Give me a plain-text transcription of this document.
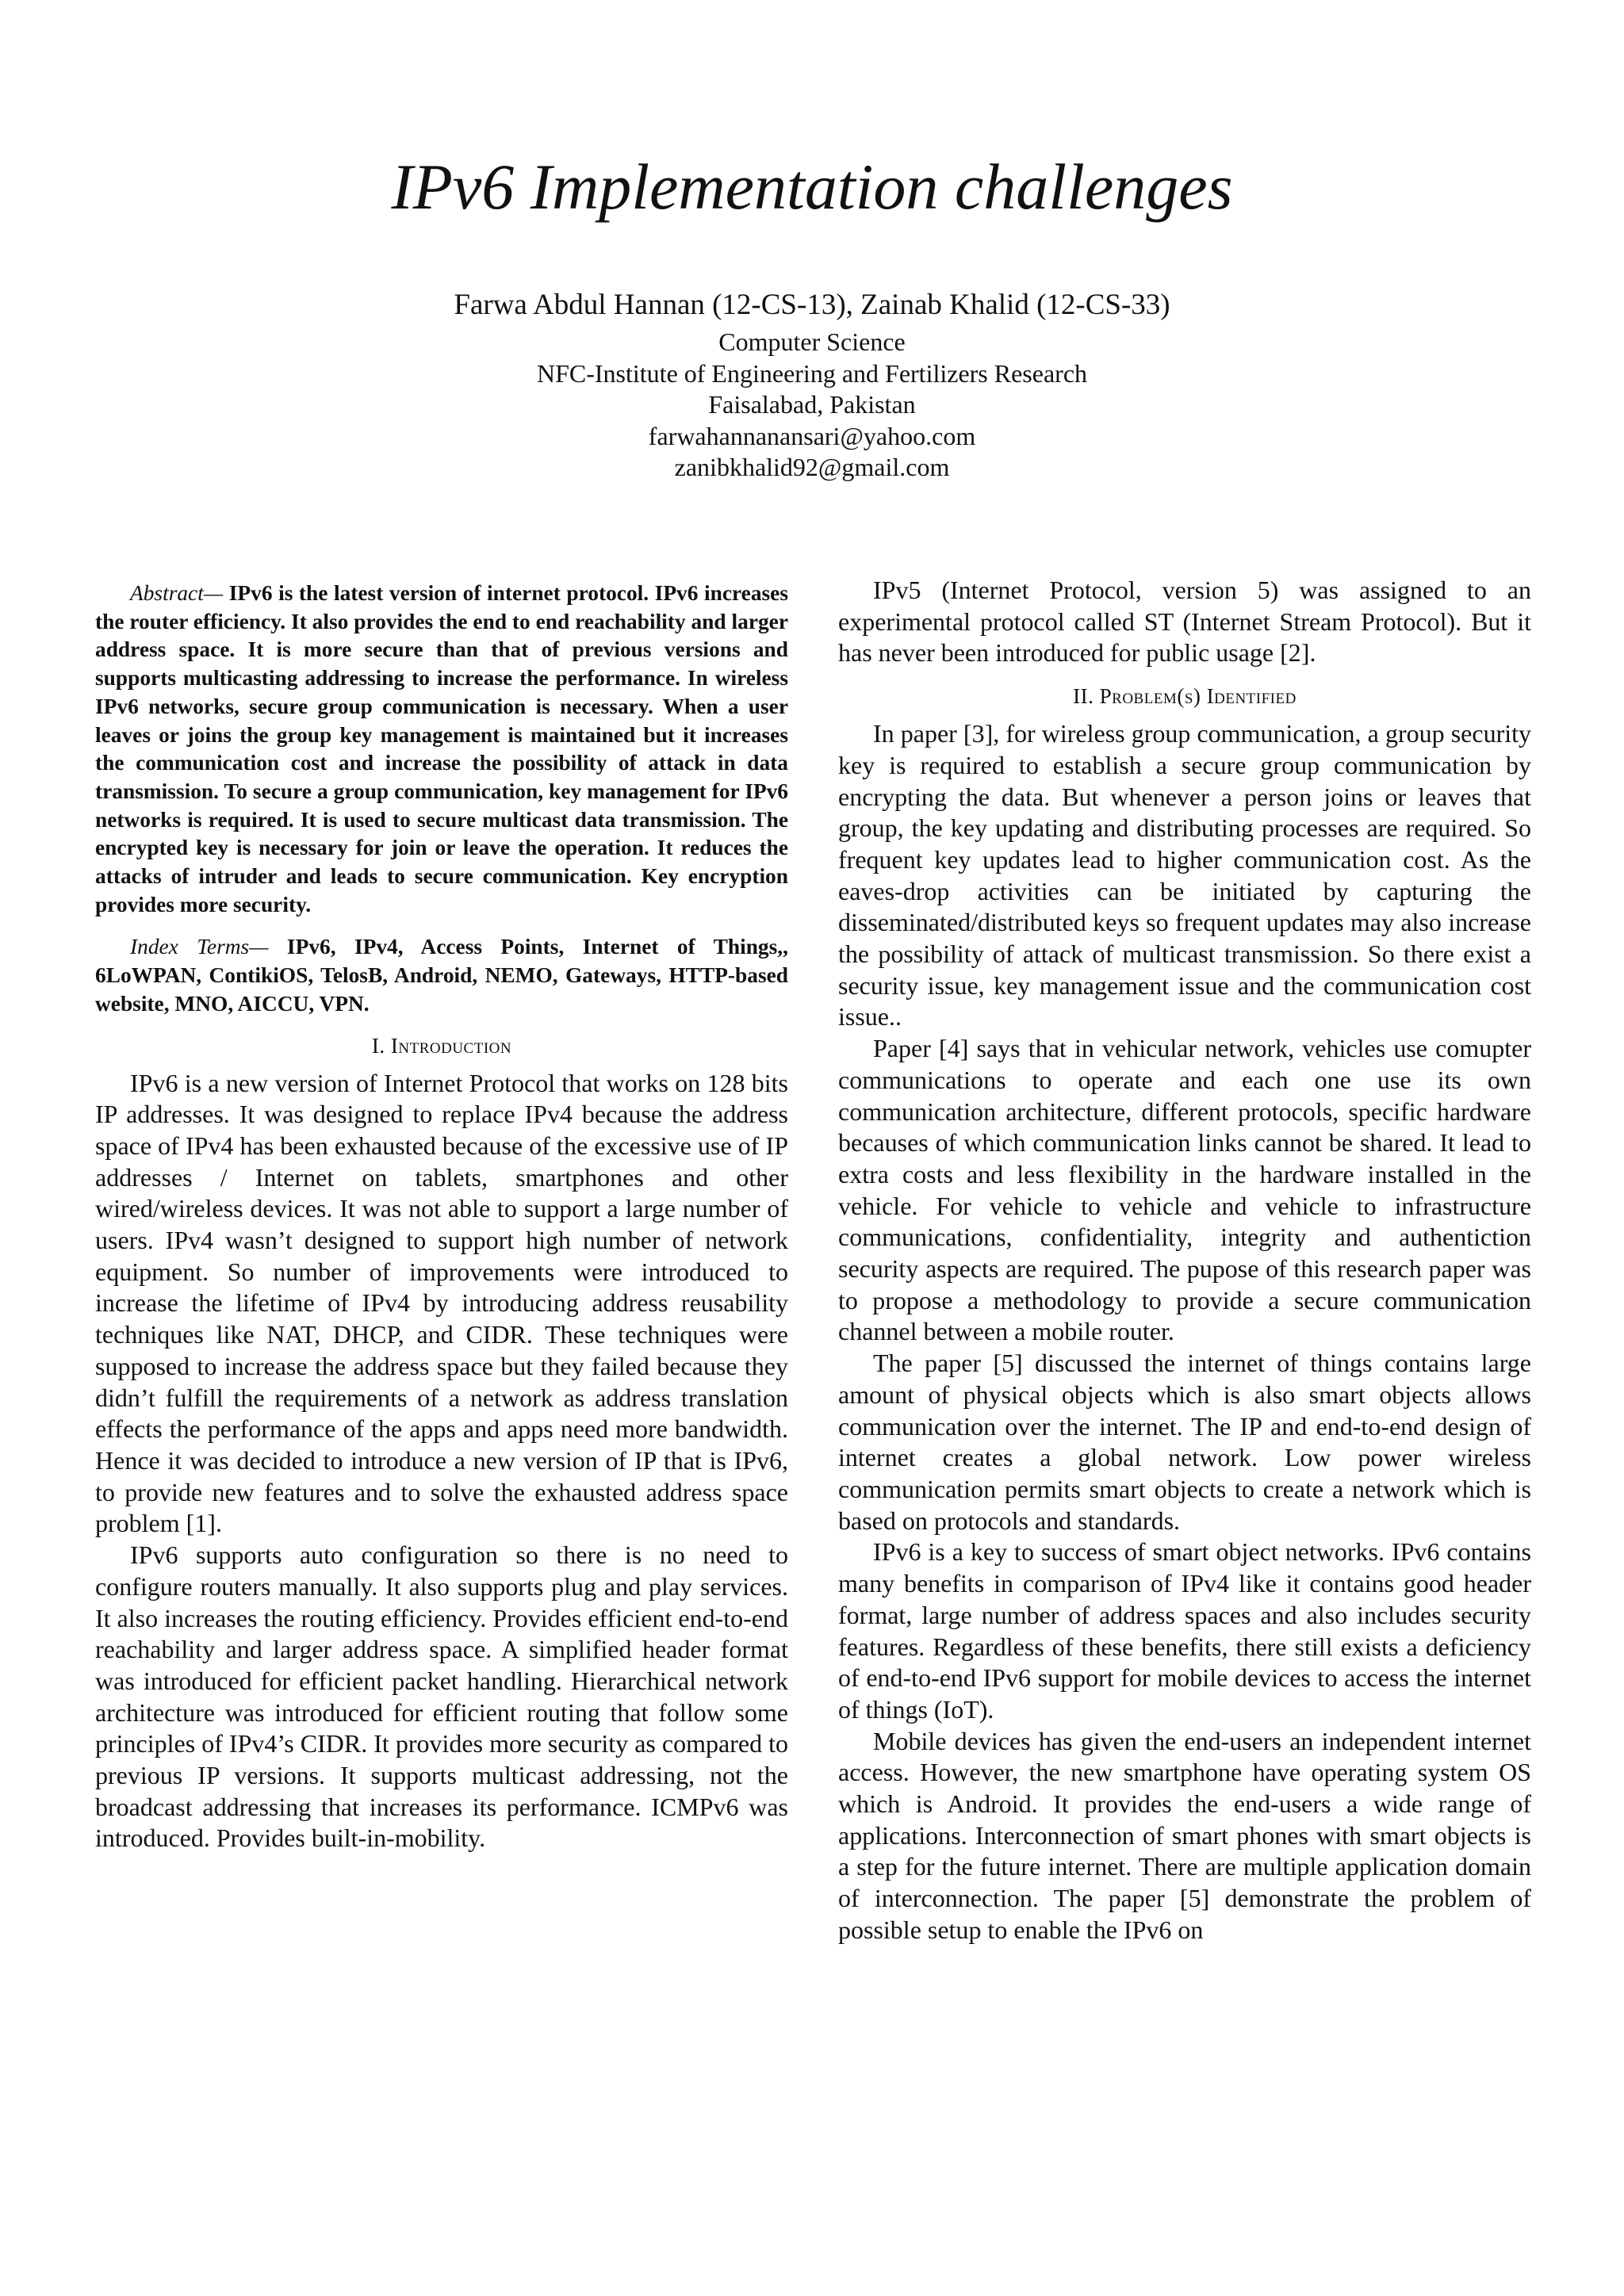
IPv6 Implementation challenges
Farwa Abdul Hannan (12-CS-13), Zainab Khalid (12-CS-33)
Computer Science
NFC-Institute of Engineering and Fertilizers Research
Faisalabad, Pakistan
farwahannanansari@yahoo.com
zanibkhalid92@gmail.com

Abstract— IPv6 is the latest version of internet protocol. IPv6 increases the router efficiency. It also provides the end to end reachability and larger address space. It is more secure than that of previous versions and supports multicasting addressing to increase the performance. In wireless IPv6 networks, secure group communication is necessary. When a user leaves or joins the group key management is maintained but it increases the communication cost and increase the possibility of attack in data transmission. To secure a group communication, key management for IPv6 networks is required. It is used to secure multicast data transmission. The encrypted key is necessary for join or leave the operation. It reduces the attacks of intruder and leads to secure communication. Key encryption provides more security.

Index Terms— IPv6, IPv4, Access Points, Internet of Things,, 6LoWPAN, ContikiOS, TelosB, Android, NEMO, Gateways, HTTP-based website, MNO, AICCU, VPN.

I. Introduction

IPv6 is a new version of Internet Protocol that works on 128 bits IP addresses. It was designed to replace IPv4 because the address space of IPv4 has been exhausted because of the excessive use of IP addresses / Internet on tablets, smartphones and other wired/wireless devices. It was not able to support a large number of users. IPv4 wasn’t designed to support high number of network equipment. So number of improvements were introduced to increase the lifetime of IPv4 by introducing address reusability techniques like NAT, DHCP, and CIDR. These techniques were supposed to increase the address space but they failed because they didn’t fulfill the requirements of a network as address translation effects the performance of the apps and apps need more bandwidth. Hence it was decided to introduce a new version of IP that is IPv6, to provide new features and to solve the exhausted address space problem [1].

IPv6 supports auto configuration so there is no need to configure routers manually. It also supports plug and play services. It also increases the routing efficiency. Provides efficient end-to-end reachability and larger address space. A simplified header format was introduced for efficient packet handling. Hierarchical network architecture was introduced for efficient routing that follow some principles of IPv4’s CIDR. It provides more security as compared to previous IP versions. It supports multicast addressing, not the broadcast addressing that increases its performance. ICMPv6 was introduced. Provides built-in-mobility.

IPv5 (Internet Protocol, version 5) was assigned to an experimental protocol called ST (Internet Stream Protocol). But it has never been introduced for public usage [2].

II. Problem(s) Identified

In paper [3], for wireless group communication, a group security key is required to establish a secure group communication by encrypting the data. But whenever a person joins or leaves that group, the key updating and distributing processes are required. So frequent key updates lead to higher communication cost. As the eaves-drop activities can be initiated by capturing the disseminated/distributed keys so frequent updates may also increase the possibility of attack of multicast transmission. So there exist a security issue, key management issue and the communication cost issue..

Paper [4] says that in vehicular network, vehicles use comupter communications to operate and each one use its own communication architecture, different protocols, specific hardware becauses of which communication links cannot be shared. It lead to extra costs and less flexibility in the hardware installed in the vehicle. For vehicle to vehicle and vehicle to infrastructure communications, confidentiality, integrity and authentiction security aspects are required. The pupose of this research paper was to propose a methodology to provide a secure communication channel between a mobile router.

The paper [5] discussed the internet of things contains large amount of physical objects which is also smart objects allows communication over the internet. The IP and end-to-end design of internet creates a global network. Low power wireless communication permits smart objects to create a network which is based on protocols and standards.

IPv6 is a key to success of smart object networks. IPv6 contains many benefits in comparison of IPv4 like it contains good header format, large number of address spaces and also includes security features. Regardless of these benefits, there still exists a deficiency of end-to-end IPv6 support for mobile devices to access the internet of things (IoT).

Mobile devices has given the end-users an independent internet access. However, the new smartphone have operating system OS which is Android. It provides the end-users a wide range of applications. Interconnection of smart phones with smart objects is a step for the future internet. There are multiple application domain of interconnection. The paper [5] demonstrate the problem of possible setup to enable the IPv6 on
